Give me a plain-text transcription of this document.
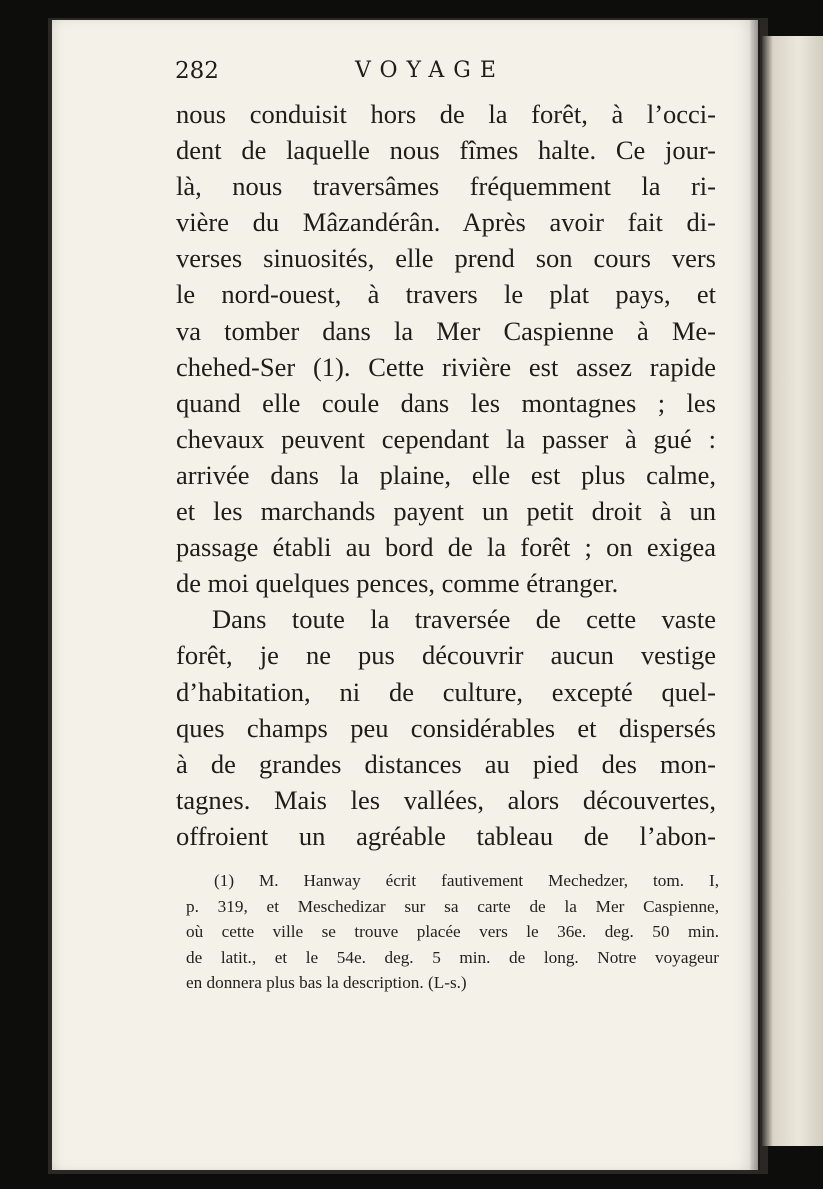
282	VOYAGE
nous conduisit hors de la forêt, à l’occi-
dent de laquelle nous fîmes halte. Ce jour-
là, nous traversâmes fréquemment la ri-
vière du Mâzandérân. Après avoir fait di-
verses sinuosités, elle prend son cours vers
le nord-ouest, à travers le plat pays, et
va tomber dans la Mer Caspienne à Me-
chehed-Ser (1). Cette rivière est assez rapide
quand elle coule dans les montagnes ; les
chevaux peuvent cependant la passer à gué :
arrivée dans la plaine, elle est plus calme,
et les marchands payent un petit droit à un
passage établi au bord de la forêt ; on exigea
de moi quelques pences, comme étranger.
Dans toute la traversée de cette vaste
forêt, je ne pus découvrir aucun vestige
d’habitation, ni de culture, excepté quel-
ques champs peu considérables et dispersés
à de grandes distances au pied des mon-
tagnes. Mais les vallées, alors découvertes,
offroient un agréable tableau de l’abon-
(1) M. Hanway écrit fautivement Mechedzer, tom. I,
p. 319, et Meschedizar sur sa carte de la Mer Caspienne,
où cette ville se trouve placée vers le 36e. deg. 50 min.
de latit., et le 54e. deg. 5 min. de long. Notre voyageur
en donnera plus bas la description. (L-s.)
